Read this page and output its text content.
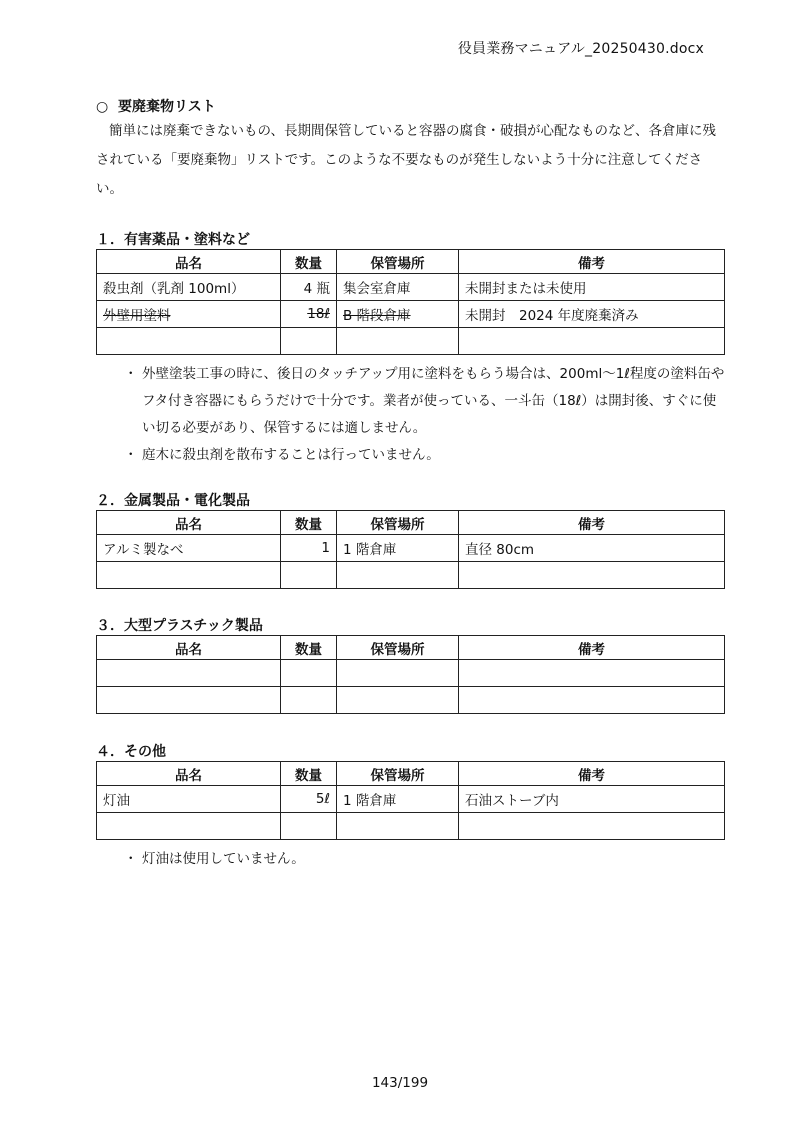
役員業務マニュアル_20250430.docx
○ 要廃棄物リスト

簡単には廃棄できないもの、長期間保管していると容器の腐食・破損が心配なものなど、各倉庫に残されている「要廃棄物」リストです。このような不要なものが発生しないよう十分に注意してください。

１．有害薬品・塗料など
品名	数量	保管場所	備考
殺虫剤（乳剤 100ml）	4 瓶	集会室倉庫	未開封または未使用
外壁用塗料	18ℓ	B 階段倉庫	未開封　2024 年度廃棄済み

・ 外壁塗装工事の時に、後日のタッチアップ用に塗料をもらう場合は、200ml〜1ℓ程度の塗料缶やフタ付き容器にもらうだけで十分です。業者が使っている、一斗缶（18ℓ）は開封後、すぐに使い切る必要があり、保管するには適しません。
・ 庭木に殺虫剤を散布することは行っていません。
２．金属製品・電化製品
品名	数量	保管場所	備考
アルミ製なべ	1	1 階倉庫	直径 80cm

３．大型プラスチック製品
品名	数量	保管場所	備考

４．その他
品名	数量	保管場所	備考
灯油	5ℓ	1 階倉庫	石油ストーブ内

・ 灯油は使用していません。
143/199
